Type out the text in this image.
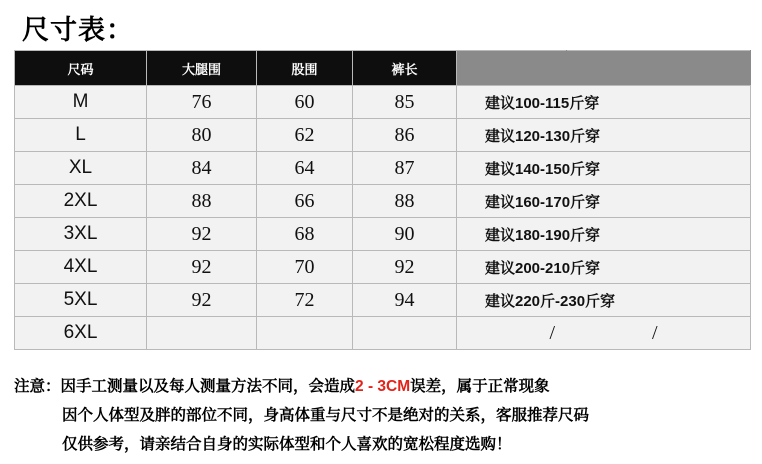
尺寸表：
尺码	大腿围	股围	裤长		
M	76	60	85	建议100-115斤穿	
L	80	62	86	建议120-130斤穿	
XL	84	64	87	建议140-150斤穿	
2XL	88	66	88	建议160-170斤穿	
3XL	92	68	90	建议180-190斤穿	
4XL	92	70	92	建议200-210斤穿	
5XL	92	72	94	建议220斤-230斤穿	
6XL				/ /	
注意：因手工测量以及每人测量方法不同，会造成2 - 3CM误差，属于正常现象
因个人体型及胖的部位不同，身高体重与尺寸不是绝对的关系，客服推荐尺码
仅供参考，请亲结合自身的实际体型和个人喜欢的宽松程度选购！
